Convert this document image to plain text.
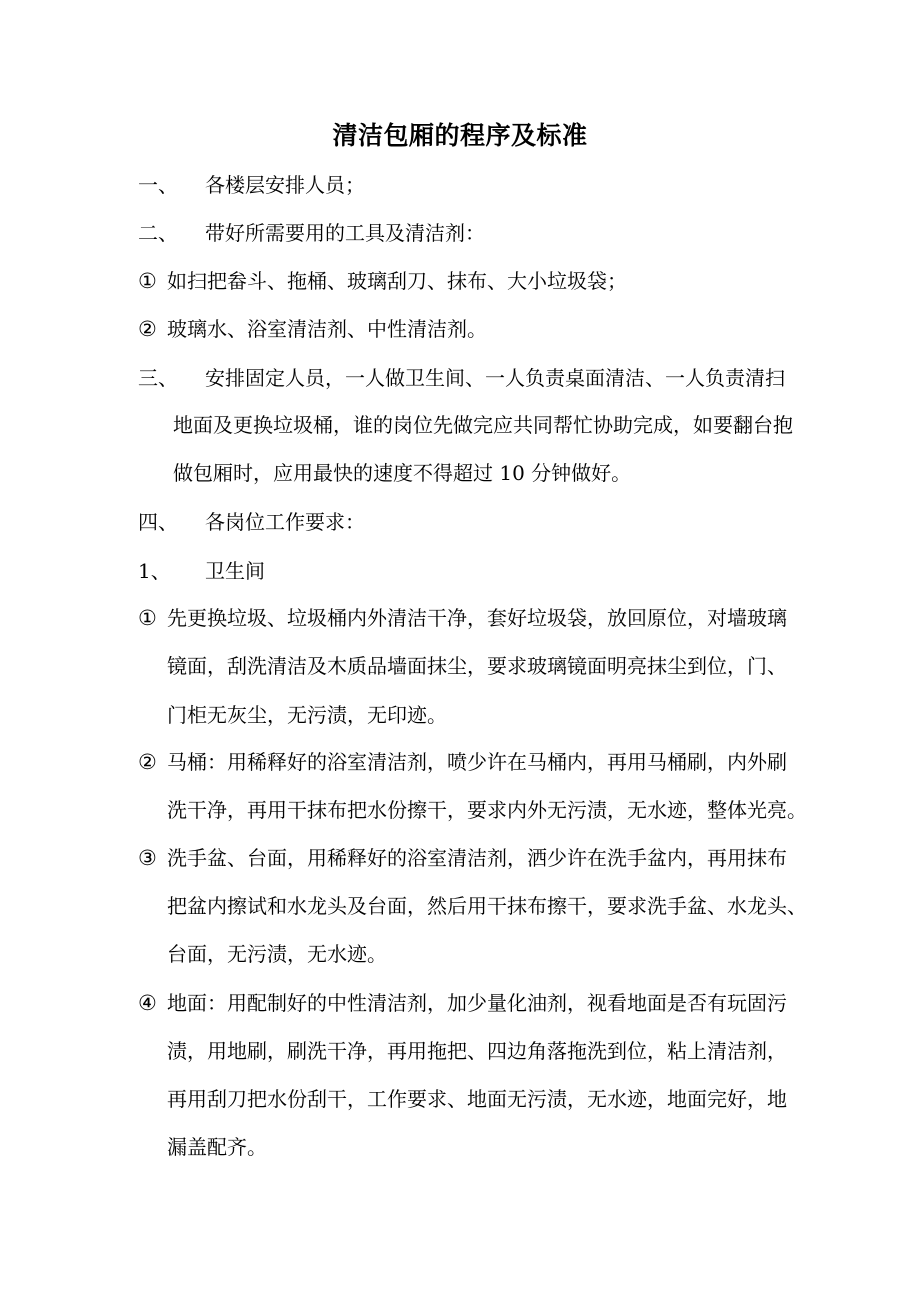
清洁包厢的程序及标准
一、 各楼层安排人员；
二、 带好所需要用的工具及清洁剂：
① 如扫把畚斗、拖桶、玻璃刮刀、抹布、大小垃圾袋；
② 玻璃水、浴室清洁剂、中性清洁剂。
三、 安排固定人员，一人做卫生间、一人负责桌面清洁、一人负责清扫
地面及更换垃圾桶，谁的岗位先做完应共同帮忙协助完成，如要翻台抱
做包厢时，应用最快的速度不得超过 10 分钟做好。
四、 各岗位工作要求：
1、 卫生间
① 先更换垃圾、垃圾桶内外清洁干净，套好垃圾袋，放回原位，对墙玻璃
镜面，刮洗清洁及木质品墙面抹尘，要求玻璃镜面明亮抹尘到位，门、
门柜无灰尘，无污渍，无印迹。
② 马桶：用稀释好的浴室清洁剂，喷少许在马桶内，再用马桶刷，内外刷
洗干净，再用干抹布把水份擦干，要求内外无污渍，无水迹，整体光亮。
③ 洗手盆、台面，用稀释好的浴室清洁剂，洒少许在洗手盆内，再用抹布
把盆内擦试和水龙头及台面，然后用干抹布擦干，要求洗手盆、水龙头、
台面，无污渍，无水迹。
④ 地面：用配制好的中性清洁剂，加少量化油剂，视看地面是否有玩固污
渍，用地刷，刷洗干净，再用拖把、四边角落拖洗到位，粘上清洁剂，
再用刮刀把水份刮干，工作要求、地面无污渍，无水迹，地面完好，地
漏盖配齐。
